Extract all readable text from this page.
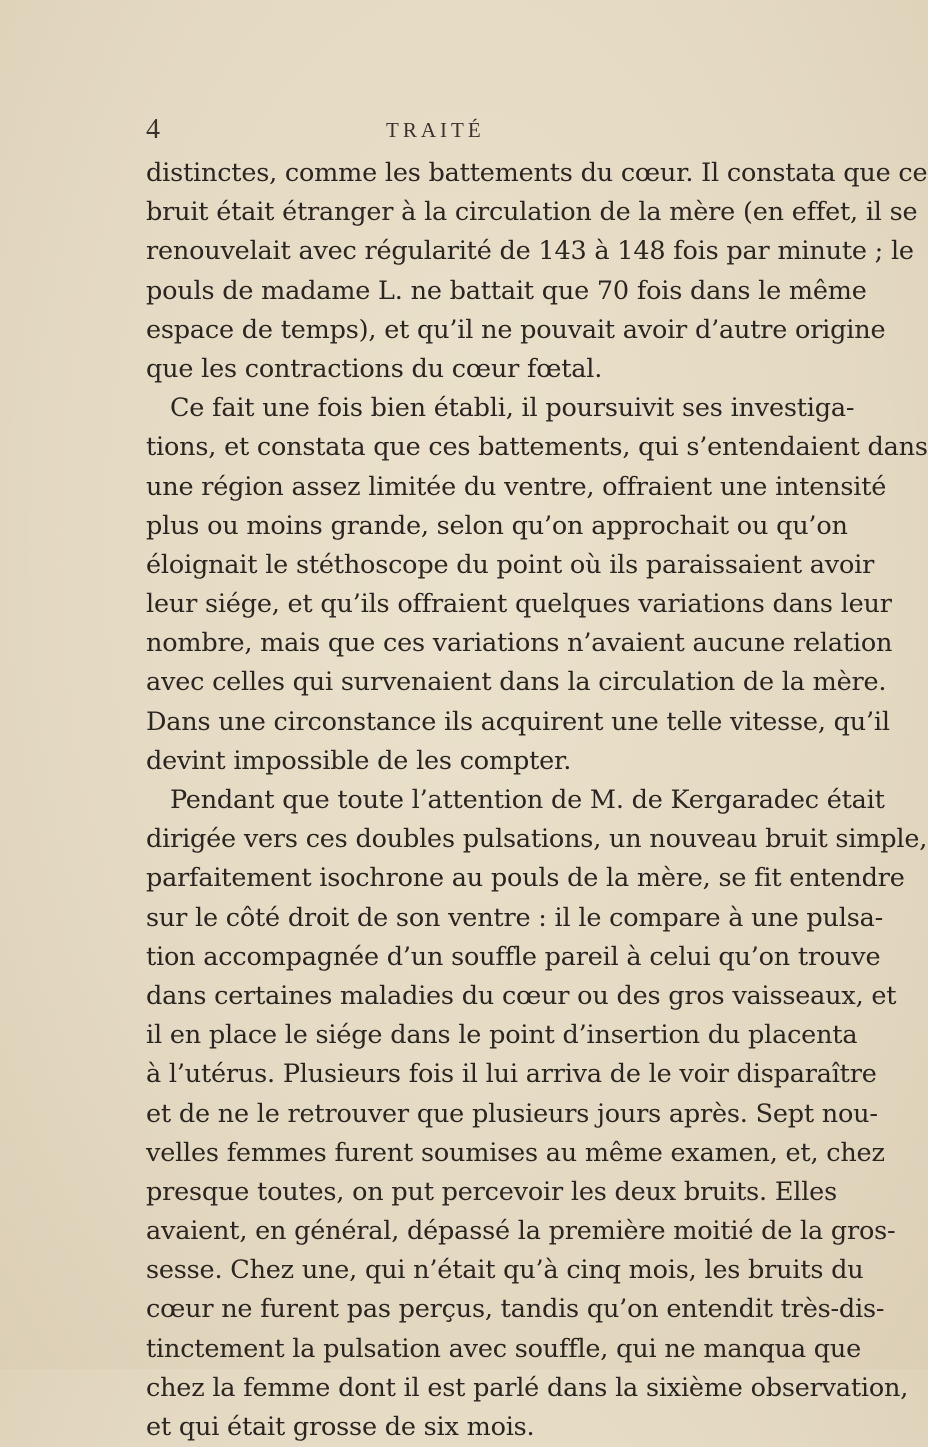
4	TRAITÉ
distinctes, comme les battements du cœur. Il constata que ce
bruit était étranger à la circulation de la mère (en effet, il se
renouvelait avec régularité de 143 à 148 fois par minute ; le
pouls de madame L. ne battait que 70 fois dans le même
espace de temps), et qu’il ne pouvait avoir d’autre origine
que les contractions du cœur fœtal.
Ce fait une fois bien établi, il poursuivit ses investiga-
tions, et constata que ces battements, qui s’entendaient dans
une région assez limitée du ventre, offraient une intensité
plus ou moins grande, selon qu’on approchait ou qu’on
éloignait le stéthoscope du point où ils paraissaient avoir
leur siége, et qu’ils offraient quelques variations dans leur
nombre, mais que ces variations n’avaient aucune relation
avec celles qui survenaient dans la circulation de la mère.
Dans une circonstance ils acquirent une telle vitesse, qu’il
devint impossible de les compter.
Pendant que toute l’attention de M. de Kergaradec était
dirigée vers ces doubles pulsations, un nouveau bruit simple,
parfaitement isochrone au pouls de la mère, se fit entendre
sur le côté droit de son ventre : il le compare à une pulsa-
tion accompagnée d’un souffle pareil à celui qu’on trouve
dans certaines maladies du cœur ou des gros vaisseaux, et
il en place le siége dans le point d’insertion du placenta
à l’utérus. Plusieurs fois il lui arriva de le voir disparaître
et de ne le retrouver que plusieurs jours après. Sept nou-
velles femmes furent soumises au même examen, et, chez
presque toutes, on put percevoir les deux bruits. Elles
avaient, en général, dépassé la première moitié de la gros-
sesse. Chez une, qui n’était qu’à cinq mois, les bruits du
cœur ne furent pas perçus, tandis qu’on entendit très-dis-
tinctement la pulsation avec souffle, qui ne manqua que
chez la femme dont il est parlé dans la sixième observation,
et qui était grosse de six mois.
